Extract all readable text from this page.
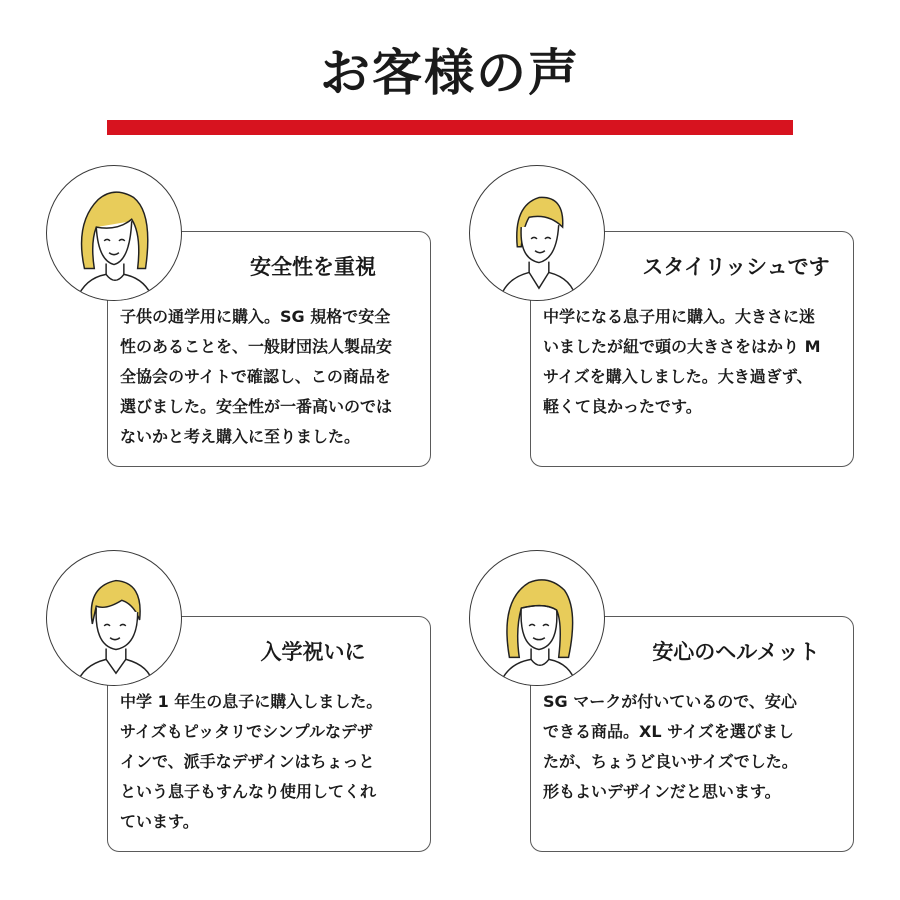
お客様の声
安全性を重視
子供の通学用に購入。SG 規格で安全
性のあることを、一般財団法人製品安
全協会のサイトで確認し、この商品を
選びました。安全性が一番高いのでは
ないかと考え購入に至りました。
スタイリッシュです
中学になる息子用に購入。大きさに迷
いましたが紐で頭の大きさをはかり M
サイズを購入しました。大き過ぎず、
軽くて良かったです。
入学祝いに
中学 1 年生の息子に購入しました。
サイズもピッタリでシンプルなデザ
インで、派手なデザインはちょっと
という息子もすんなり使用してくれ
ています。
安心のヘルメット
SG マークが付いているので、安心
できる商品。XL サイズを選びまし
たが、ちょうど良いサイズでした。
形もよいデザインだと思います。
